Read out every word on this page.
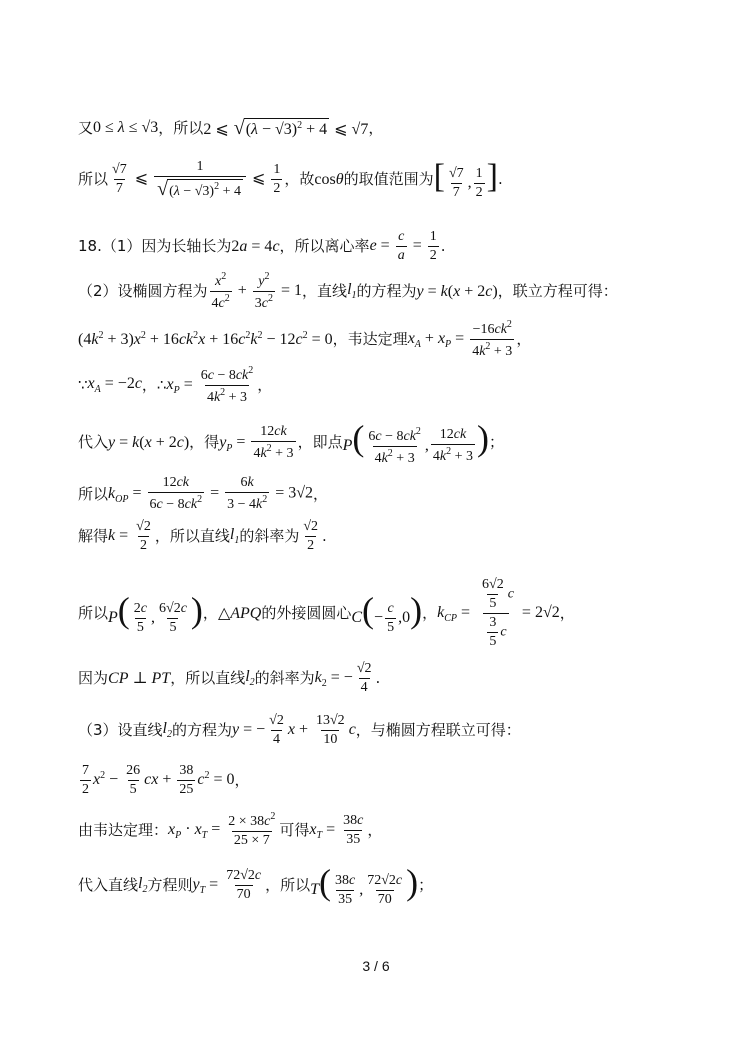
又 0 ≤ λ ≤ √3 ，所以 2 ⩽ √ $(\lambda - √3)^2 + 4$ ⩽ √7 ，
所以 $\frac{√7}{7}$ ⩽ $\frac{1}{√ (\lambda - √3)^2 + 4}$ ⩽ $\frac{1}{2}$ ，故 cosθ 的取值范围为 [ $\frac{√7}{7}$ , $\frac{1}{2}$ ] .
18.（1）因为长轴长为 2a = 4c ，所以离心率 $e = \frac{c}{a} = \frac{1}{2}$ .
（2）设椭圆方程为 $\frac{x^2}{4c^2} + \frac{y^2}{3c^2} = 1$ ，直线 $l_1$ 的方程为 y = k(x + 2c) ，联立方程可得：
$(4k^2 + 3)x^2 + 16ck^2x + 16c^2k^2 - 12c^2 = 0$ ，韦达定理 $x_A + x_P = \frac{-16ck^2}{4k^2 + 3}$ ，
∵ $x_A = -2c$ ，∴ $x_P = \frac{6c - 8ck^2}{4k^2 + 3}$ ，
代入 y = k(x + 2c) ，得 $y_P = \frac{12ck}{4k^2 + 3}$ ，即点 $P( \frac{6c - 8ck^2}{4k^2 + 3}$ , $\frac{12ck}{4k^2 + 3}$ ) ；
所以 $k_{OP} = \frac{12ck}{6c - 8ck^2} = \frac{6k}{3 - 4k^2} = 3√2$ ，
解得 $k = \frac{√2}{2}$ ，所以直线 $l_1$ 的斜率为 $\frac{√2}{2}$ .
所以 $P( \frac{2c}{5}$ , $\frac{6√2c}{5}$ ) ， △APQ 的外接圆圆心 $C(- \frac{c}{5} ,0)$ ， $k_{CP} = \frac{\frac{6√2}{5} c}{\frac{3}{5} c} = 2√2$ ，
因为 CP ⊥ PT ，所以直线 $l_2$ 的斜率为 $k_2$ = − $\frac{√2}{4}$ .
（3）设直线 $l_2$ 的方程为 y = − $\frac{√2}{4}$ $x + \frac{13√2}{10}$ c ，与椭圆方程联立可得：
$\frac{7}{2} x^2 - \frac{26}{5}$ cx + $\frac{38}{25} c^2 = 0$ ，
由韦达定理： $x_P \cdot x_T = \frac{2 \times 38c^2}{25 \times 7}$ 可得 $x_T = \frac{38c}{35}$ ，
代入直线 $l_2$ 方程则 $y_T = \frac{72√2c}{70}$ ，所以 $T( \frac{38c}{35}$ , $\frac{72√2c}{70}$ ) ；
3 / 6
